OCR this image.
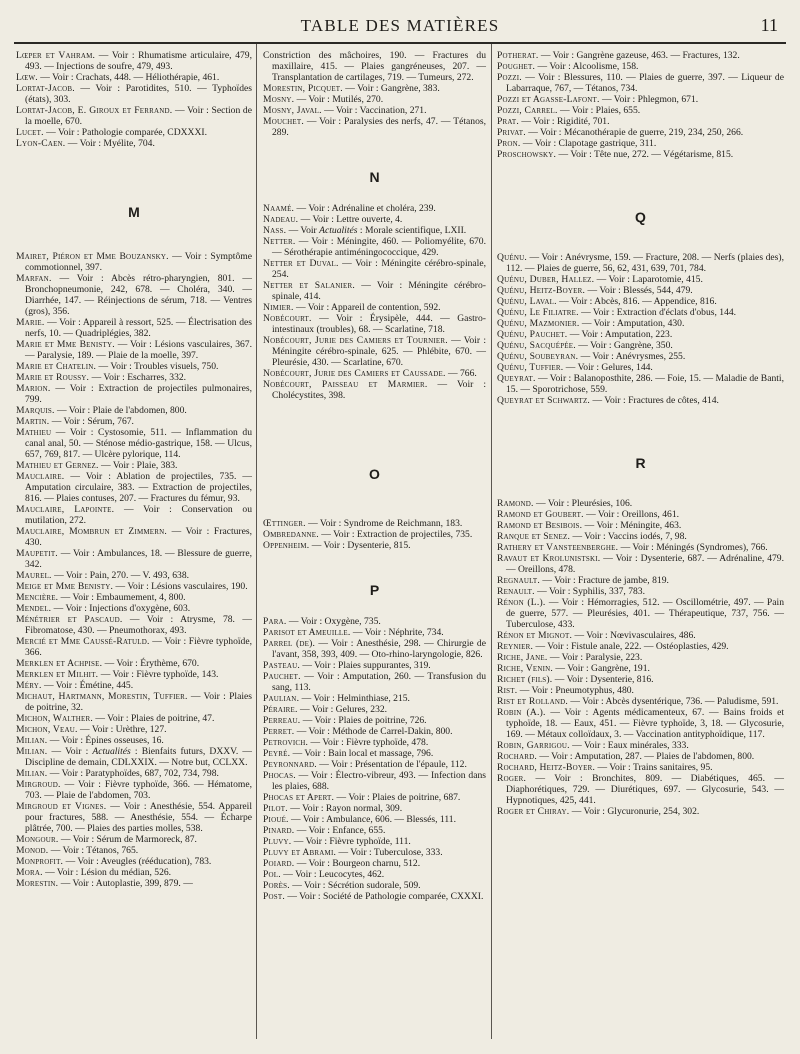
TABLE DES MATIÈRES	11

Lœper et Vahram. — Voir : Rhumatisme articulaire, 479, 493. — Injections de soufre, 479, 493.

Lœw. — Voir : Crachats, 448. — Héliothérapie, 461.

Lortat-Jacob. — Voir : Parotidites, 510. — Typhoïdes (états), 303.

Lortat-Jacob, E. Giroux et Ferrand. — Voir : Section de la moelle, 670.

Lucet. — Voir : Pathologie comparée, CDXXXI.

Lyon-Caen. — Voir : Myélite, 704.

M

Mairet, Piéron et Mme Bouzansky. — Voir : Symptôme commotionnel, 397.

Marfan. — Voir : Abcès rétro-pharyngien, 801. — Bronchopneumonie, 242, 678. — Choléra, 340. — Diarrhée, 147. — Réinjections de sérum, 718. — Ventres (gros), 356.

Marie. — Voir : Appareil à ressort, 525. — Électrisation des nerfs, 10. — Quadriplégies, 382.

Marie et Mme Benisty. — Voir : Lésions vasculaires, 367. — Paralysie, 189. — Plaie de la moelle, 397.

Marie et Chatelin. — Voir : Troubles visuels, 750.

Marie et Roussy. — Voir : Escharres, 332.

Marion. — Voir : Extraction de projectiles pulmonaires, 799.

Marquis. — Voir : Plaie de l'abdomen, 800.

Martin. — Voir : Sérum, 767.

Mathieu — Voir : Cystosomie, 511. — Inflammation du canal anal, 50. — Sténose médio-gastrique, 158. — Ulcus, 657, 769, 817. — Ulcère pylorique, 114.

Mathieu et Gernez. — Voir : Plaie, 383.

Mauclaire. — Voir : Ablation de projectiles, 735. — Amputation circulaire, 383. — Extraction de projectiles, 816. — Plaies contuses, 207. — Fractures du fémur, 93.

Mauclaire, Lapointe. — Voir : Conservation ou mutilation, 272.

Mauclaire, Mombrun et Zimmern. — Voir : Fractures, 430.

Maupetit. — Voir : Ambulances, 18. — Blessure de guerre, 342.

Maurel. — Voir : Pain, 270. — V. 493, 638.

Meige et Mme Benisty. — Voir : Lésions vasculaires, 190.

Mencière. — Voir : Embaumement, 4, 800.

Mendel. — Voir : Injections d'oxygène, 603.

Ménétrier et Pascaud. — Voir : Atrysme, 78. — Fibromatose, 430. — Pneumothorax, 493.

Mercié et Mme Caussé-Ratuld. — Voir : Fièvre typhoïde, 366.

Merklen et Achpise. — Voir : Érythème, 670.

Merklen et Milhit. — Voir : Fièvre typhoïde, 143.

Méry. — Voir : Émétine, 445.

Michaut, Hartmann, Morestin, Tuffier. — Voir : Plaies de poitrine, 32.

Michon, Walther. — Voir : Plaies de poitrine, 47.

Michon, Veau. — Voir : Urèthre, 127.

Milian. — Voir : Épines osseuses, 16.

Milian. — Voir : Actualités : Bienfaits futurs, DXXV. — Discipline de demain, CDLXXIX. — Notre but, CCLXX.

Milian. — Voir : Paratyphoïdes, 687, 702, 734, 798.

Mirgroud. — Voir : Fièvre typhoïde, 366. — Hématome, 703. — Plaie de l'abdomen, 703.

Mirgroud et Vignes. — Voir : Anesthésie, 554. Appareil pour fractures, 588. — Anesthésie, 554. — Écharpe plâtrée, 700. — Plaies des parties molles, 538.

Mongour. — Voir : Sérum de Marmoreck, 87.

Monod. — Voir : Tétanos, 765.

Monprofit. — Voir : Aveugles (rééducation), 783.

Mora. — Voir : Lésion du médian, 526.

Morestin. — Voir : Autoplastie, 399, 879. —

Constriction des mâchoires, 190. — Fractures du maxillaire, 415. — Plaies gangréneuses, 207. — Transplantation de cartilages, 719. — Tumeurs, 272.

Morestin, Picquet. — Voir : Gangrène, 383.

Mosny. — Voir : Mutilés, 270.

Mosny, Javal. — Voir : Vaccination, 271.

Mouchet. — Voir : Paralysies des nerfs, 47. — Tétanos, 289.

N

Naamé. — Voir : Adrénaline et choléra, 239.

Nadeau. — Voir : Lettre ouverte, 4.

Nass. — Voir Actualités : Morale scientifique, LXII.

Netter. — Voir : Méningite, 460. — Poliomyélite, 670. — Sérothérapie antiméningococcique, 429.

Netter et Duval. — Voir : Méningite cérébro-spinale, 254.

Netter et Salanier. — Voir : Méningite cérébro-spinale, 414.

Nimier. — Voir : Appareil de contention, 592.

Nobécourt. — Voir : Érysipèle, 444. — Gastro-intestinaux (troubles), 68. — Scarlatine, 718.

Nobécourt, Jurie des Camiers et Tournier. — Voir : Méningite cérébro-spinale, 625. — Phlébite, 670. — Pleurésie, 430. — Scarlatine, 670.

Nobécourt, Jurie des Camiers et Caussade. — 766.

Nobécourt, Paisseau et Marmier. — Voir : Cholécystites, 398.

O

Œttinger. — Voir : Syndrome de Reichmann, 183.

Ombredanne. — Voir : Extraction de projectiles, 735.

Oppenheim. — Voir : Dysenterie, 815.

P

Para. — Voir : Oxygène, 735.

Parisot et Ameuille. — Voir : Néphrite, 734.

Parrel (de). — Voir : Anesthésie, 298. — Chirurgie de l'avant, 358, 393, 409. — Oto-rhino-laryngologie, 826.

Pasteau. — Voir : Plaies suppurantes, 319.

Pauchet. — Voir : Amputation, 260. — Transfusion du sang, 113.

Paulian. — Voir : Helminthiase, 215.

Péraire. — Voir : Gelures, 232.

Perreau. — Voir : Plaies de poitrine, 726.

Perret. — Voir : Méthode de Carrel-Dakin, 800.

Petrovich. — Voir : Fièvre typhoïde, 478.

Peyré. — Voir : Bain local et massage, 796.

Peyronnard. — Voir : Présentation de l'épaule, 112.

Phocas. — Voir : Électro-vibreur, 493. — Infection dans les plaies, 688.

Phocas et Apert. — Voir : Plaies de poitrine, 687.

Pilot. — Voir : Rayon normal, 309.

Pioué. — Voir : Ambulance, 606. — Blessés, 111.

Pinard. — Voir : Enfance, 655.

Pluvy. — Voir : Fièvre typhoïde, 111.

Pluvy et Abrami. — Voir : Tuberculose, 333.

Poiard. — Voir : Bourgeon charnu, 512.

Pol. — Voir : Leucocytes, 462.

Porès. — Voir : Sécrétion sudorale, 509.

Post. — Voir : Société de Pathologie comparée, CXXXI.

Potherat. — Voir : Gangrène gazeuse, 463. — Fractures, 132.

Poughet. — Voir : Alcoolisme, 158.

Pozzi. — Voir : Blessures, 110. — Plaies de guerre, 397. — Liqueur de Labarraque, 767, — Tétanos, 734.

Pozzi et Agasse-Lafont. — Voir : Phlegmon, 671.

Pozzi, Carrel. — Voir : Plaies, 655.

Prat. — Voir : Rigidité, 701.

Privat. — Voir : Mécanothérapie de guerre, 219, 234, 250, 266.

Pron. — Voir : Clapotage gastrique, 311.

Proschowsky. — Voir : Tête nue, 272. — Végétarisme, 815.

Q

Quénu. — Voir : Anévrysme, 159. — Fracture, 208. — Nerfs (plaies des), 112. — Plaies de guerre, 56, 62, 431, 639, 701, 784.

Quénu, Duber, Hallez. — Voir : Laparotomie, 415.

Quénu, Heitz-Boyer. — Voir : Blessés, 544, 479.

Quénu, Laval. — Voir : Abcès, 816. — Appendice, 816.

Quénu, Le Filiatre. — Voir : Extraction d'éclats d'obus, 144.

Quénu, Mazmonier. — Voir : Amputation, 430.

Quénu, Pauchet. — Voir : Amputation, 223.

Quénu, Sacquépée. — Voir : Gangrène, 350.

Quénu, Soubeyran. — Voir : Anévrysmes, 255.

Quénu, Tuffier. — Voir : Gelures, 144.

Queyrat. — Voir : Balanoposthite, 286. — Foie, 15. — Maladie de Banti, 15. — Sporotrichose, 559.

Queyrat et Schwartz. — Voir : Fractures de côtes, 414.

R

Ramond. — Voir : Pleurésies, 106.

Ramond et Goubert. — Voir : Oreillons, 461.

Ramond et Besibois. — Voir : Méningite, 463.

Ranque et Senez. — Voir : Vaccins iodés, 7, 98.

Rathery et Vansteenberghe. — Voir : Méningés (Syndromes), 766.

Ravaut et Krolunistski. — Voir : Dysenterie, 687. — Adrénaline, 479. — Oreillons, 478.

Regnault. — Voir : Fracture de jambe, 819.

Renault. — Voir : Syphilis, 337, 783.

Rénon (L.). — Voir : Hémorragies, 512. — Oscillométrie, 497. — Pain de guerre, 577. — Pleurésies, 401. — Thérapeutique, 737, 756. — Tuberculose, 433.

Rénon et Mignot. — Voir : Nœvivasculaires, 486.

Reynier. — Voir : Fistule anale, 222. — Ostéoplasties, 429.

Riche, Jane. — Voir : Paralysie, 223.

Riche, Venin. — Voir : Gangrène, 191.

Richet (fils). — Voir : Dysenterie, 816.

Rist. — Voir : Pneumotyphus, 480.

Rist et Rolland. — Voir : Abcès dysentérique, 736. — Paludisme, 591.

Robin (A.). — Voir : Agents médicamenteux, 67. — Bains froids et typhoïde, 18. — Eaux, 451. — Fièvre typhoïde, 3, 18. — Glycosurie, 169. — Métaux colloïdaux, 3. — Vaccination antityphoïdique, 117.

Robin, Garrigou. — Voir : Eaux minérales, 333.

Rochard. — Voir : Amputation, 287. — Plaies de l'abdomen, 800.

Rochard, Heitz-Boyer. — Voir : Trains sanitaires, 95.

Roger. — Voir : Bronchites, 809. — Diabétiques, 465. — Diaphorétiques, 729. — Diurétiques, 697. — Glycosurie, 543. — Hypnotiques, 425, 441.

Roger et Chiray. — Voir : Glycuronurie, 254, 302.
